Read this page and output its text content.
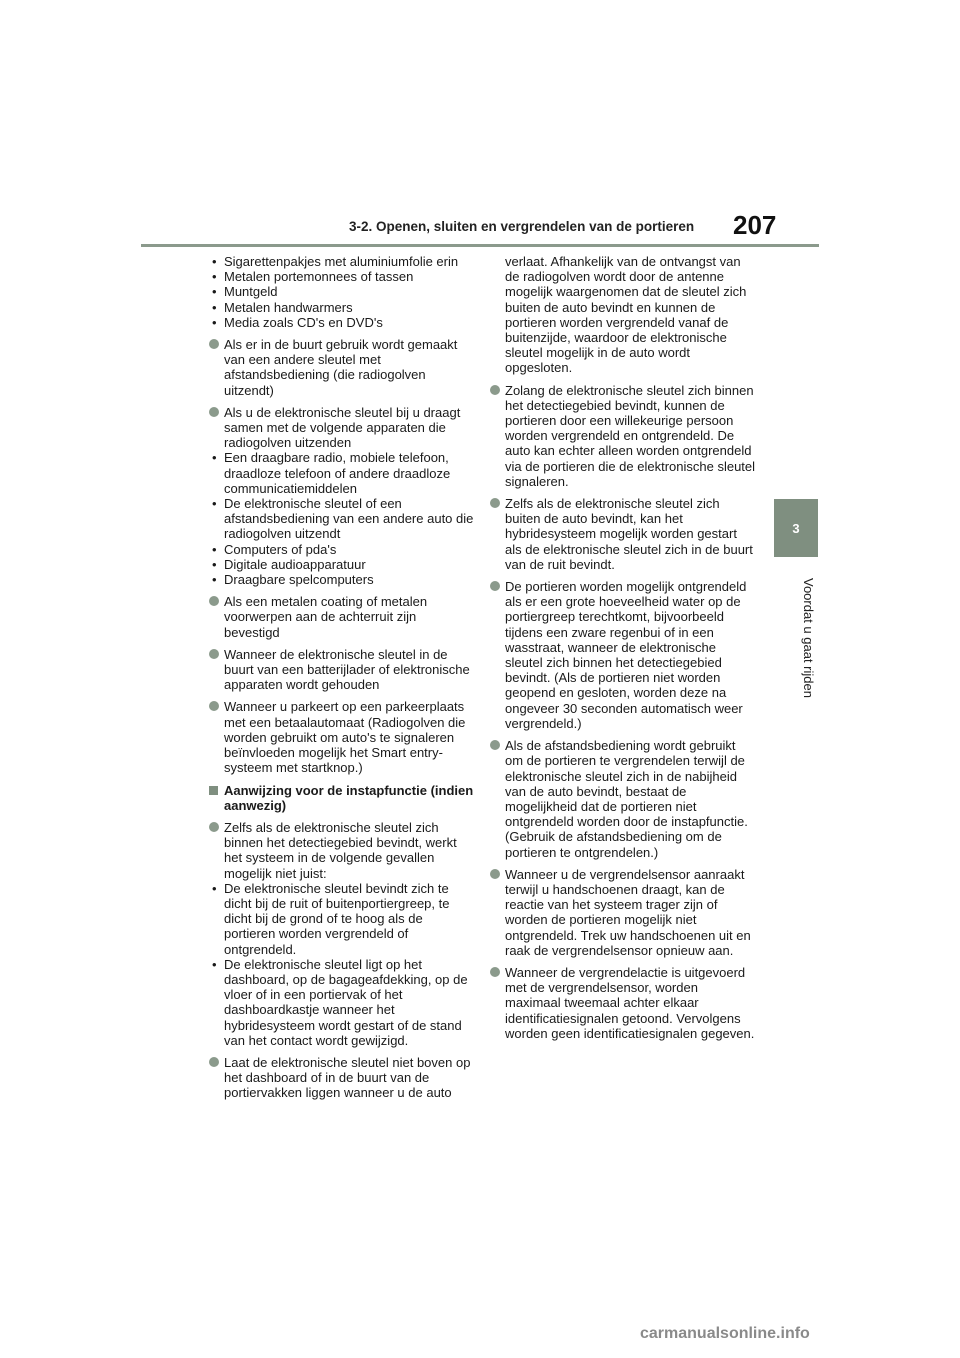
3-2. Openen, sluiten en vergrendelen van de portieren 207
3
Voordat u gaat rijden
• Sigarettenpakjes met aluminiumfolie erin
• Metalen portemonnees of tassen
• Muntgeld
• Metalen handwarmers
• Media zoals CD's en DVD's
Als er in de buurt gebruik wordt gemaakt van een andere sleutel met afstandsbediening (die radiogolven uitzendt)
Als u de elektronische sleutel bij u draagt samen met de volgende apparaten die radiogolven uitzenden
• Een draagbare radio, mobiele telefoon, draadloze telefoon of andere draadloze communicatiemiddelen
• De elektronische sleutel of een afstandsbediening van een andere auto die radiogolven uitzendt
• Computers of pda's
• Digitale audioapparatuur
• Draagbare spelcomputers
Als een metalen coating of metalen voorwerpen aan de achterruit zijn bevestigd
Wanneer de elektronische sleutel in de buurt van een batterijlader of elektronische apparaten wordt gehouden
Wanneer u parkeert op een parkeerplaats met een betaalautomaat (Radiogolven die worden gebruikt om auto's te signaleren beïnvloeden mogelijk het Smart entry-systeem met startknop.)
Aanwijzing voor de instapfunctie (indien aanwezig)
Zelfs als de elektronische sleutel zich binnen het detectiegebied bevindt, werkt het systeem in de volgende gevallen mogelijk niet juist:
• De elektronische sleutel bevindt zich te dicht bij de ruit of buitenportiergreep, te dicht bij de grond of te hoog als de portieren worden vergrendeld of ontgrendeld.
• De elektronische sleutel ligt op het dashboard, op de bagageafdekking, op de vloer of in een portiervak of het dashboardkastje wanneer het hybridesysteem wordt gestart of de stand van het contact wordt gewijzigd.
Laat de elektronische sleutel niet boven op het dashboard of in de buurt van de portiervakken liggen wanneer u de auto
verlaat. Afhankelijk van de ontvangst van de radiogolven wordt door de antenne mogelijk waargenomen dat de sleutel zich buiten de auto bevindt en kunnen de portieren worden vergrendeld vanaf de buitenzijde, waardoor de elektronische sleutel mogelijk in de auto wordt opgesloten.
Zolang de elektronische sleutel zich binnen het detectiegebied bevindt, kunnen de portieren door een willekeurige persoon worden vergrendeld en ontgrendeld. De auto kan echter alleen worden ontgrendeld via de portieren die de elektronische sleutel signaleren.
Zelfs als de elektronische sleutel zich buiten de auto bevindt, kan het hybridesysteem mogelijk worden gestart als de elektronische sleutel zich in de buurt van de ruit bevindt.
De portieren worden mogelijk ontgrendeld als er een grote hoeveelheid water op de portiergreep terechtkomt, bijvoorbeeld tijdens een zware regenbui of in een wasstraat, wanneer de elektronische sleutel zich binnen het detectiegebied bevindt. (Als de portieren niet worden geopend en gesloten, worden deze na ongeveer 30 seconden automatisch weer vergrendeld.)
Als de afstandsbediening wordt gebruikt om de portieren te vergrendelen terwijl de elektronische sleutel zich in de nabijheid van de auto bevindt, bestaat de mogelijkheid dat de portieren niet ontgrendeld worden door de instapfunctie. (Gebruik de afstandsbediening om de portieren te ontgrendelen.)
Wanneer u de vergrendelsensor aanraakt terwijl u handschoenen draagt, kan de reactie van het systeem trager zijn of worden de portieren mogelijk niet ontgrendeld. Trek uw handschoenen uit en raak de vergrendelsensor opnieuw aan.
Wanneer de vergrendelactie is uitgevoerd met de vergrendelsensor, worden maximaal tweemaal achter elkaar identificatiesignalen getoond. Vervolgens worden geen identificatiesignalen gegeven.
carmanualsonline.info
